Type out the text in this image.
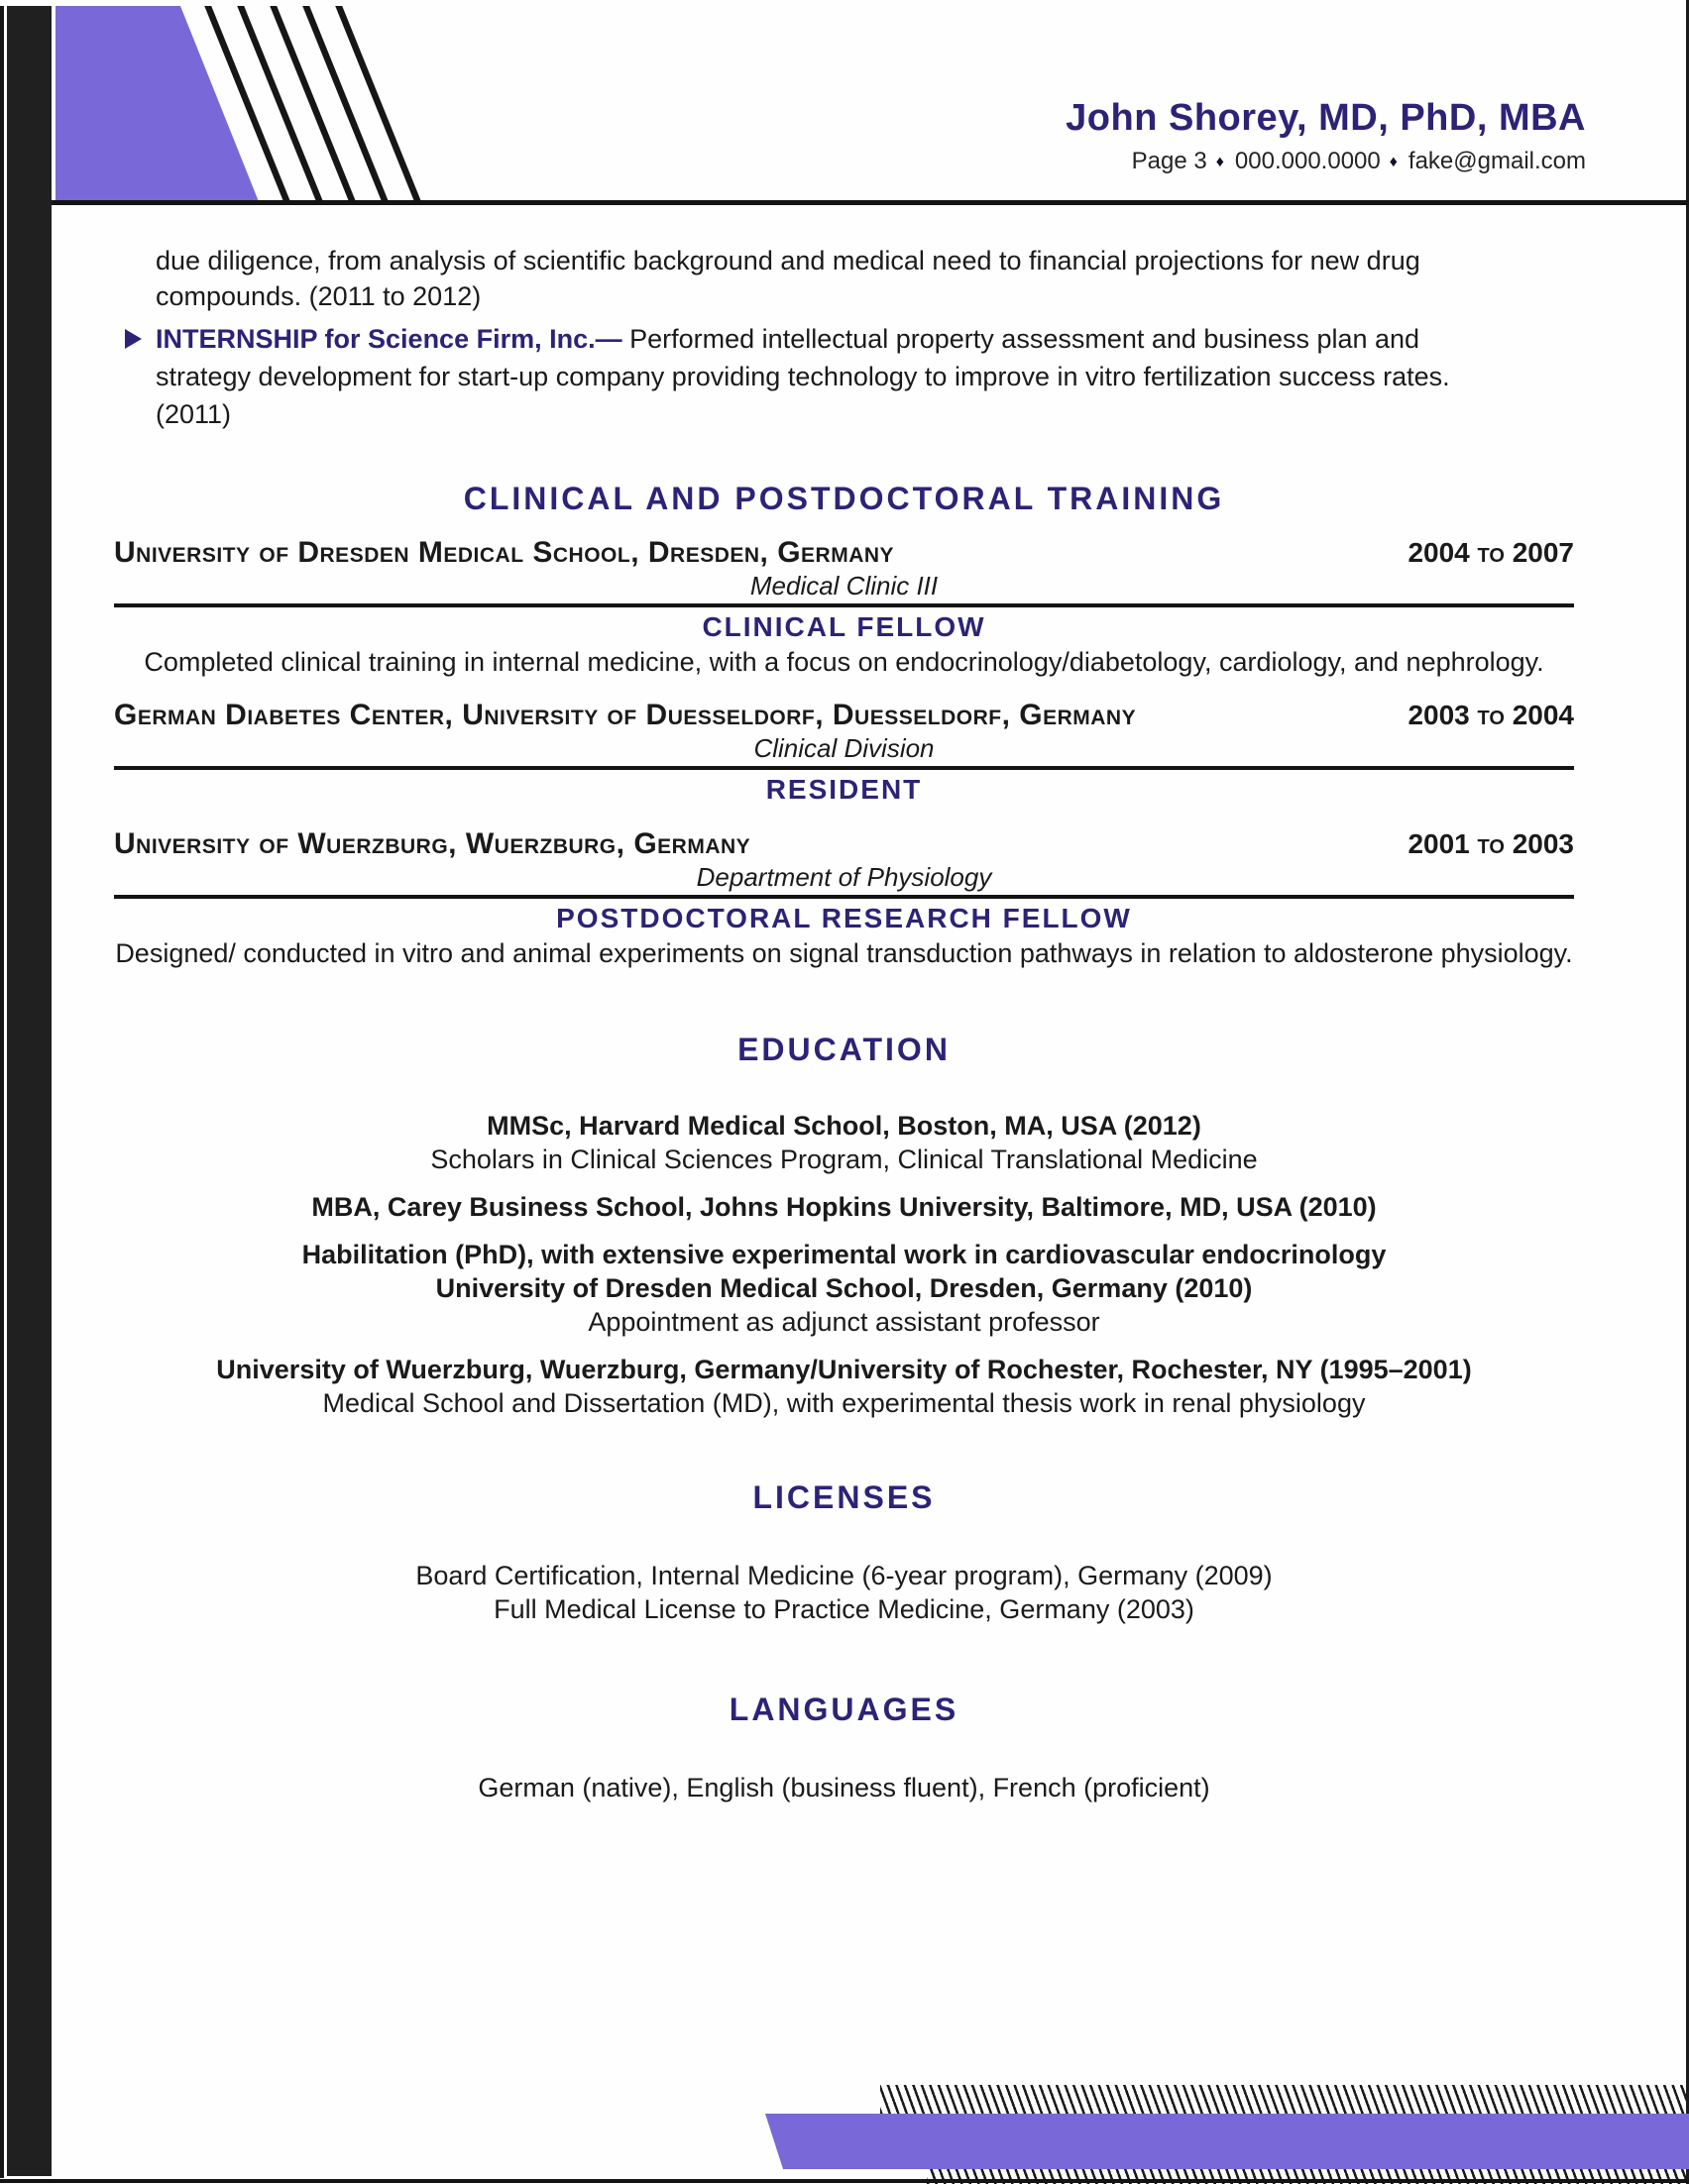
John Shorey, MD, PhD, MBA
Page 3 ♦ 000.000.0000 ♦ fake@gmail.com
due diligence, from analysis of scientific background and medical need to financial projections for new drug compounds. (2011 to 2012)
INTERNSHIP for Science Firm, Inc.— Performed intellectual property assessment and business plan and strategy development for start-up company providing technology to improve in vitro fertilization success rates. (2011)
CLINICAL AND POSTDOCTORAL TRAINING
University of Dresden Medical School, Dresden, Germany	2004 to 2007
Medical Clinic III
CLINICAL FELLOW
Completed clinical training in internal medicine, with a focus on endocrinology/diabetology, cardiology, and nephrology.
German Diabetes Center, University of Duesseldorf, Duesseldorf, Germany	2003 to 2004
Clinical Division
RESIDENT
University of Wuerzburg, Wuerzburg, Germany	2001 to 2003
Department of Physiology
POSTDOCTORAL RESEARCH FELLOW
Designed/ conducted in vitro and animal experiments on signal transduction pathways in relation to aldosterone physiology.
EDUCATION
MMSc, Harvard Medical School, Boston, MA, USA (2012)
Scholars in Clinical Sciences Program, Clinical Translational Medicine
MBA, Carey Business School, Johns Hopkins University, Baltimore, MD, USA (2010)
Habilitation (PhD), with extensive experimental work in cardiovascular endocrinology
University of Dresden Medical School, Dresden, Germany (2010)
Appointment as adjunct assistant professor
University of Wuerzburg, Wuerzburg, Germany/University of Rochester, Rochester, NY (1995–2001)
Medical School and Dissertation (MD), with experimental thesis work in renal physiology
LICENSES
Board Certification, Internal Medicine (6-year program), Germany (2009)
Full Medical License to Practice Medicine, Germany (2003)
LANGUAGES
German (native), English (business fluent), French (proficient)
